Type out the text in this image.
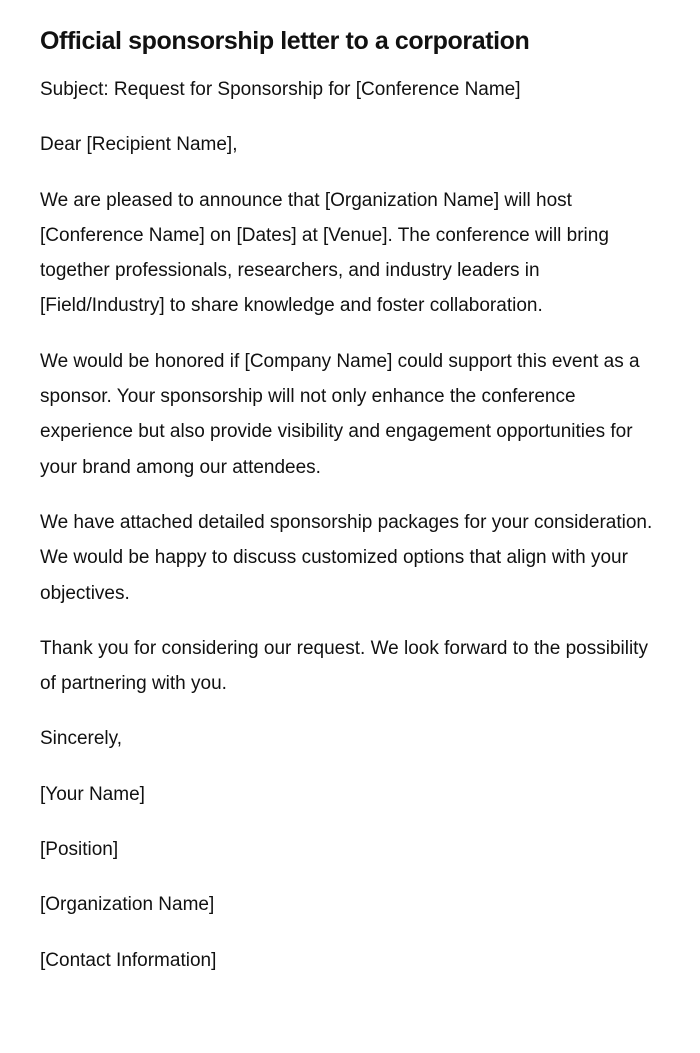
Official sponsorship letter to a corporation

Subject: Request for Sponsorship for [Conference Name]

Dear [Recipient Name],

We are pleased to announce that [Organization Name] will host [Conference Name] on [Dates] at [Venue]. The conference will bring together professionals, researchers, and industry leaders in [Field/Industry] to share knowledge and foster collaboration.

We would be honored if [Company Name] could support this event as a sponsor. Your sponsorship will not only enhance the conference experience but also provide visibility and engagement opportunities for your brand among our attendees.

We have attached detailed sponsorship packages for your consideration. We would be happy to discuss customized options that align with your objectives.

Thank you for considering our request. We look forward to the possibility of partnering with you.

Sincerely,

[Your Name]

[Position]

[Organization Name]

[Contact Information]
